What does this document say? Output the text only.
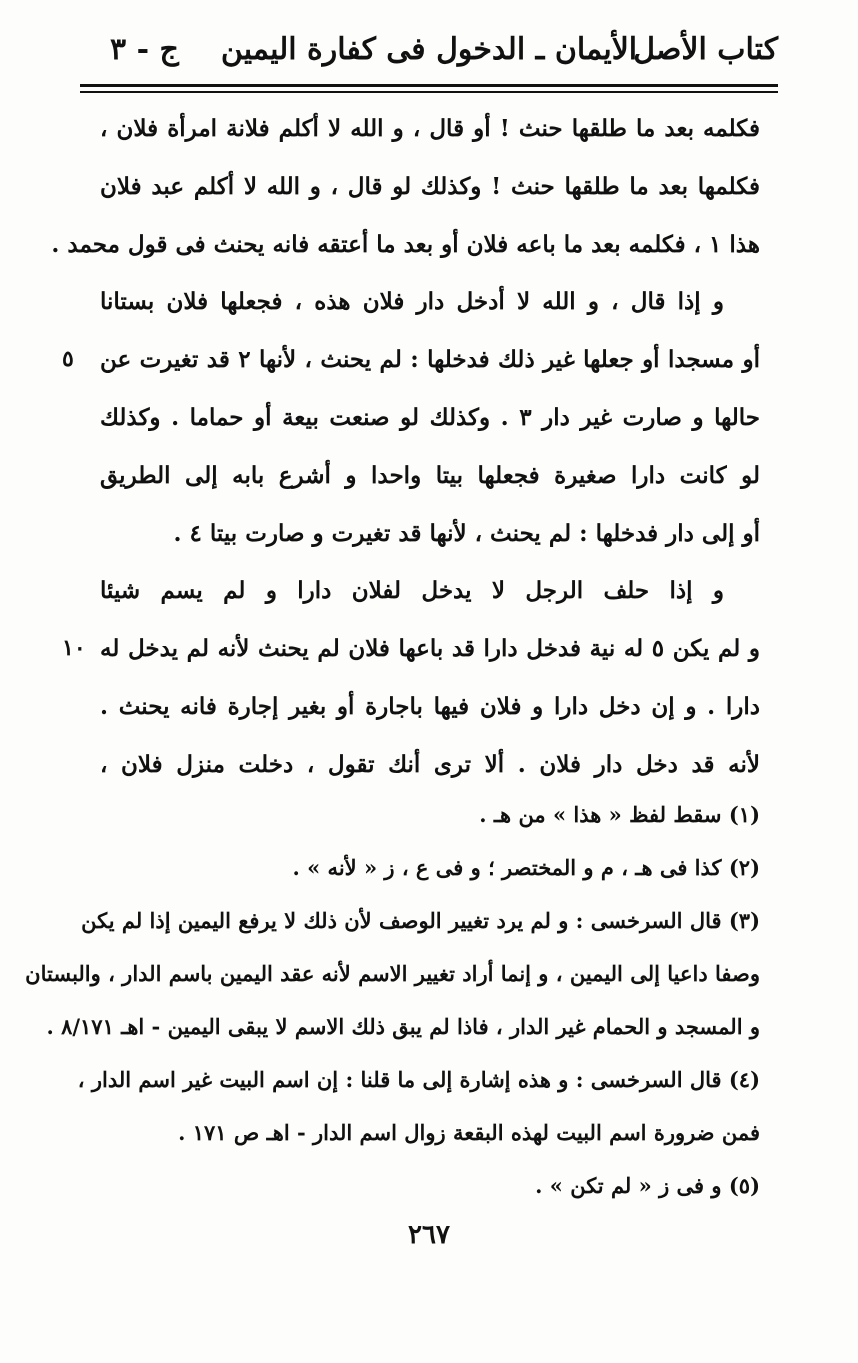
كتاب الأصل
الأيمان ـ الدخول فى كفارة اليمين
ج - ٣
فكلمه بعد ما طلقها حنث ! أو قال ، و الله لا أكلم فلانة امرأة فلان ،
فكلمها بعد ما طلقها حنث ! وكذلك لو قال ، و الله لا أكلم عبد فلان
هذا ١ ، فكلمه بعد ما باعه فلان أو بعد ما أعتقه فانه يحنث فى قول محمد .
و إذا قال ، و الله لا أدخل دار فلان هذه ، فجعلها فلان بستانا
أو مسجدا أو جعلها غير ذلك فدخلها : لم يحنث ، لأنها ٢ قد تغيرت عن
٥
حالها و صارت غير دار ٣ . وكذلك لو صنعت بيعة أو حماما . وكذلك
لو كانت دارا صغيرة فجعلها بيتا واحدا و أشرع بابه إلى الطريق
أو إلى دار فدخلها : لم يحنث ، لأنها قد تغيرت و صارت بيتا ٤ .
و إذا حلف الرجل لا يدخل لفلان دارا و لم يسم شيئا
و لم يكن ٥ له نية فدخل دارا قد باعها فلان لم يحنث لأنه لم يدخل له
١٠
دارا . و إن دخل دارا و فلان فيها باجارة أو بغير إجارة فانه يحنث .
لأنه قد دخل دار فلان . ألا ترى أنك تقول ، دخلت منزل فلان ،
(١) سقط لفظ « هذا » من هـ .
(٢) كذا فى هـ ، م و المختصر ؛ و فى ع ، ز « لأنه » .
(٣) قال السرخسى : و لم يرد تغيير الوصف لأن ذلك لا يرفع اليمين إذا لم يكن
وصفا داعيا إلى اليمين ، و إنما أراد تغيير الاسم لأنه عقد اليمين باسم الدار ، والبستان
و المسجد و الحمام غير الدار ، فاذا لم يبق ذلك الاسم لا يبقى اليمين - اهـ ٨/١٧١ .
(٤) قال السرخسى : و هذه إشارة إلى ما قلنا : إن اسم البيت غير اسم الدار ،
فمن ضرورة اسم البيت لهذه البقعة زوال اسم الدار - اهـ ص ١٧١ .
(٥) و فى ز « لم تكن » .
٢٦٧
